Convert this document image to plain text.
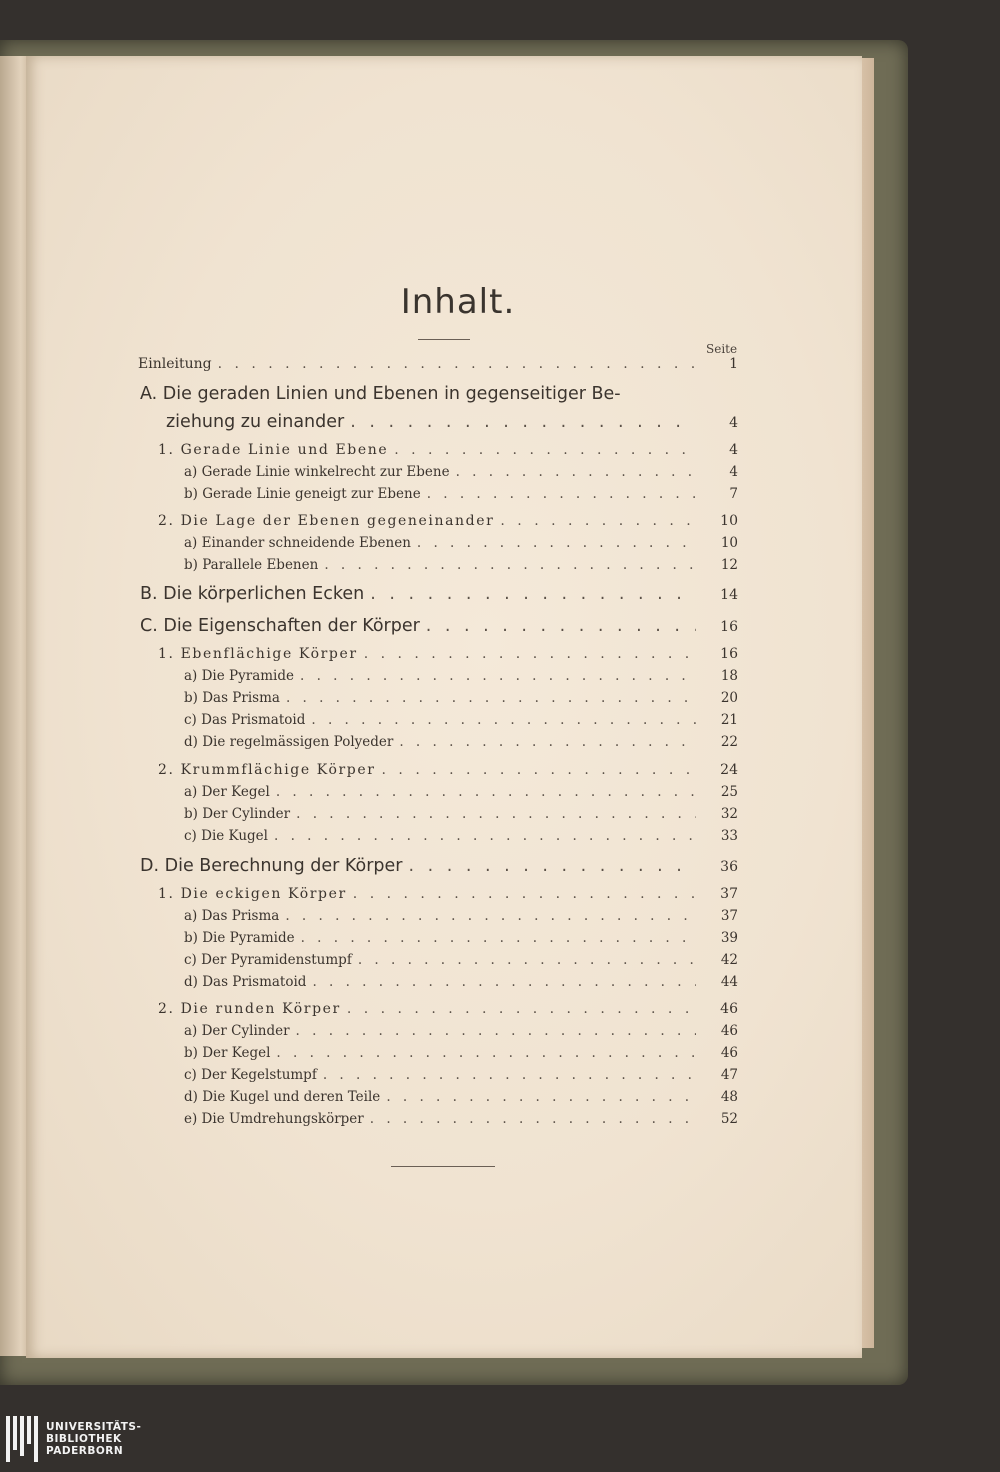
Inhalt.
Seite
Einleitung . . .	1
A. Die geraden Linien und Ebenen in gegenseitiger Be-
ziehung zu einander . . .	4
1. Gerade Linie und Ebene . . .	4
a) Gerade Linie winkelrecht zur Ebene . . .	4
b) Gerade Linie geneigt zur Ebene . . .	7
2. Die Lage der Ebenen gegeneinander . . .	10
a) Einander schneidende Ebenen . . .	10
b) Parallele Ebenen . . .	12
B. Die körperlichen Ecken . . .	14
C. Die Eigenschaften der Körper . . .	16
1. Ebenflächige Körper . . .	16
a) Die Pyramide . . .	18
b) Das Prisma . . .	20
c) Das Prismatoid . . .	21
d) Die regelmässigen Polyeder . . .	22
2. Krummflächige Körper . . .	24
a) Der Kegel . . .	25
b) Der Cylinder . . .	32
c) Die Kugel . . .	33
D. Die Berechnung der Körper . . .	36
1. Die eckigen Körper . . .	37
a) Das Prisma . . .	37
b) Die Pyramide . . .	39
c) Der Pyramidenstumpf . . .	42
d) Das Prismatoid . . .	44
2. Die runden Körper . . .	46
a) Der Cylinder . . .	46
b) Der Kegel . . .	46
c) Der Kegelstumpf . . .	47
d) Die Kugel und deren Teile . . .	48
e) Die Umdrehungskörper . . .	52
UNIVERSITÄTS-
BIBLIOTHEK
PADERBORN
